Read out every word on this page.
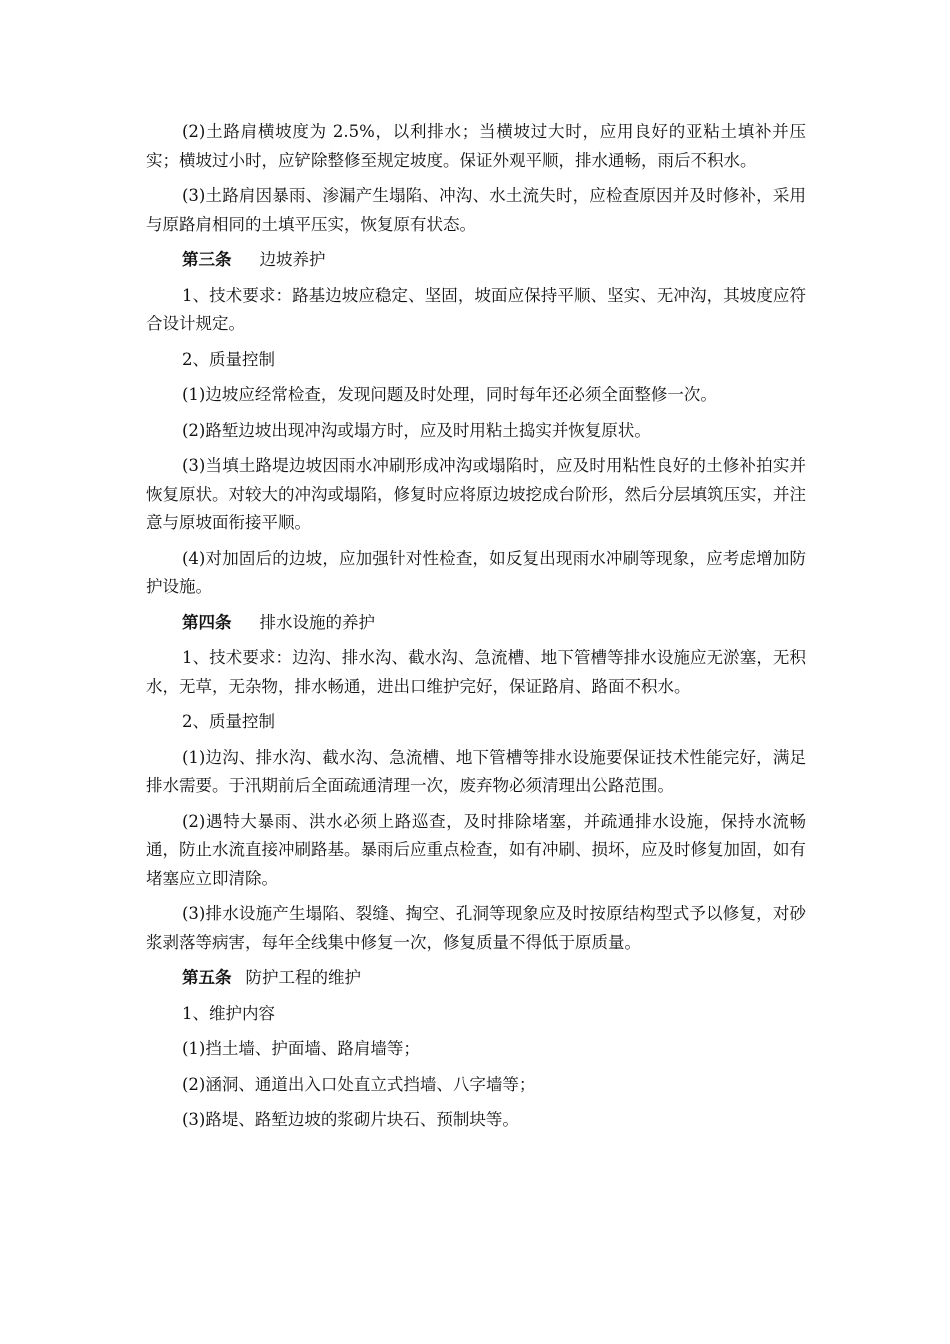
(2)土路肩横坡度为 2.5%，以利排水；当横坡过大时，应用良好的亚粘土填补并压实；横坡过小时，应铲除整修至规定坡度。保证外观平顺，排水通畅，雨后不积水。

(3)土路肩因暴雨、渗漏产生塌陷、冲沟、水土流失时，应检查原因并及时修补，采用与原路肩相同的土填平压实，恢复原有状态。

第三条 边坡养护

1、技术要求：路基边坡应稳定、坚固，坡面应保持平顺、坚实、无冲沟，其坡度应符合设计规定。

2、质量控制

(1)边坡应经常检查，发现问题及时处理，同时每年还必须全面整修一次。

(2)路堑边坡出现冲沟或塌方时，应及时用粘土捣实并恢复原状。

(3)当填土路堤边坡因雨水冲刷形成冲沟或塌陷时，应及时用粘性良好的土修补拍实并恢复原状。对较大的冲沟或塌陷，修复时应将原边坡挖成台阶形，然后分层填筑压实，并注意与原坡面衔接平顺。

(4)对加固后的边坡，应加强针对性检查，如反复出现雨水冲刷等现象，应考虑增加防护设施。

第四条 排水设施的养护

1、技术要求：边沟、排水沟、截水沟、急流槽、地下管槽等排水设施应无淤塞，无积水，无草，无杂物，排水畅通，进出口维护完好，保证路肩、路面不积水。

2、质量控制

(1)边沟、排水沟、截水沟、急流槽、地下管槽等排水设施要保证技术性能完好，满足排水需要。于汛期前后全面疏通清理一次，废弃物必须清理出公路范围。

(2)遇特大暴雨、洪水必须上路巡查，及时排除堵塞，并疏通排水设施，保持水流畅通，防止水流直接冲刷路基。暴雨后应重点检查，如有冲刷、损坏，应及时修复加固，如有堵塞应立即清除。

(3)排水设施产生塌陷、裂缝、掏空、孔洞等现象应及时按原结构型式予以修复，对砂浆剥落等病害，每年全线集中修复一次，修复质量不得低于原质量。

第五条 防护工程的维护

1、维护内容

(1)挡土墙、护面墙、路肩墙等；

(2)涵洞、通道出入口处直立式挡墙、八字墙等；

(3)路堤、路堑边坡的浆砌片块石、预制块等。
